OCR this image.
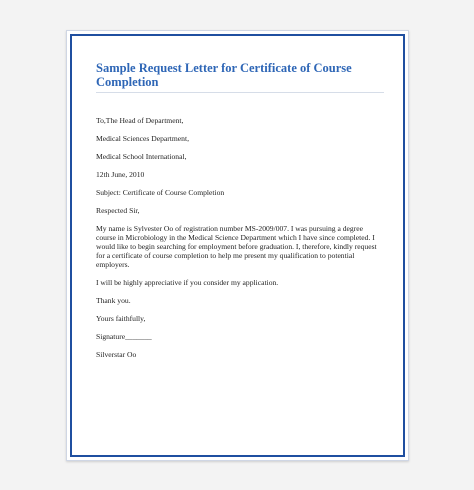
Sample Request Letter for Certificate of Course Completion
To,The Head of Department,
Medical Sciences Department,
Medical School International,
12th June, 2010
Subject: Certificate of Course Completion
Respected Sir,
My name is Sylvester Oo of registration number MS-2009/007. I was pursuing a degree course in Microbiology in the Medical Science Department which I have since completed. I would like to begin searching for employment before graduation. I, therefore, kindly request for a certificate of course completion to help me present my qualification to potential employers.
I will be highly appreciative if you consider my application.
Thank you.
Yours faithfully,
Signature_______
Silverstar Oo
